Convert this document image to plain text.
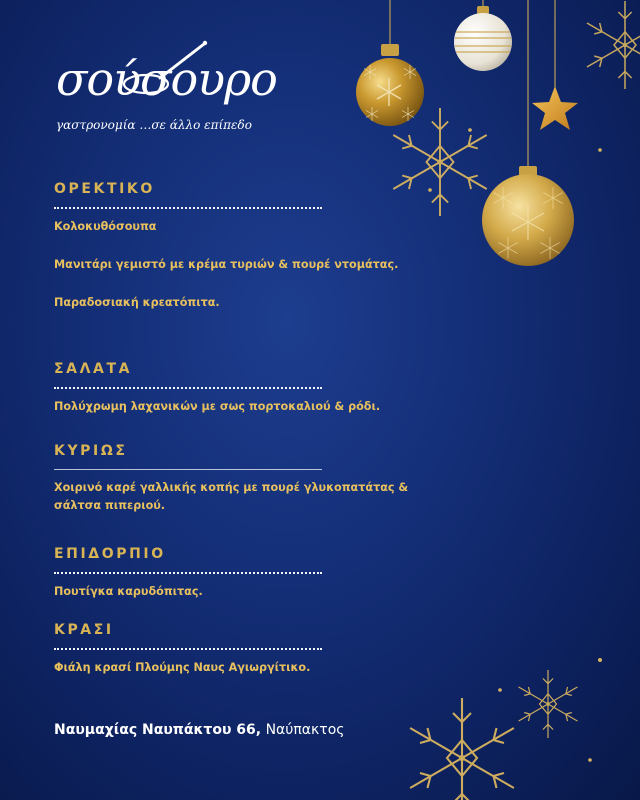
σούσουρο
γαστρονομία …σε άλλο επίπεδο
ΟΡΕΚΤΙΚΟ
Κολοκυθόσουπα
Μανιτάρι γεμιστό με κρέμα τυριών & πουρέ ντομάτας.
Παραδοσιακή κρεατόπιτα.
ΣΑΛΑΤΑ
Πολύχρωμη λαχανικών με σως πορτοκαλιού & ρόδι.
ΚΥΡΙΩΣ
Χοιρινό καρέ γαλλικής κοπής με πουρέ γλυκοπατάτας & σάλτσα πιπεριού.
ΕΠΙΔΟΡΠΙΟ
Πουτίγκα καρυδόπιτας.
ΚΡΑΣΙ
Φιάλη κρασί Πλούμης Ναυς Αγιωργίτικο.
Ναυμαχίας Ναυπάκτου 66, Ναύπακτος
